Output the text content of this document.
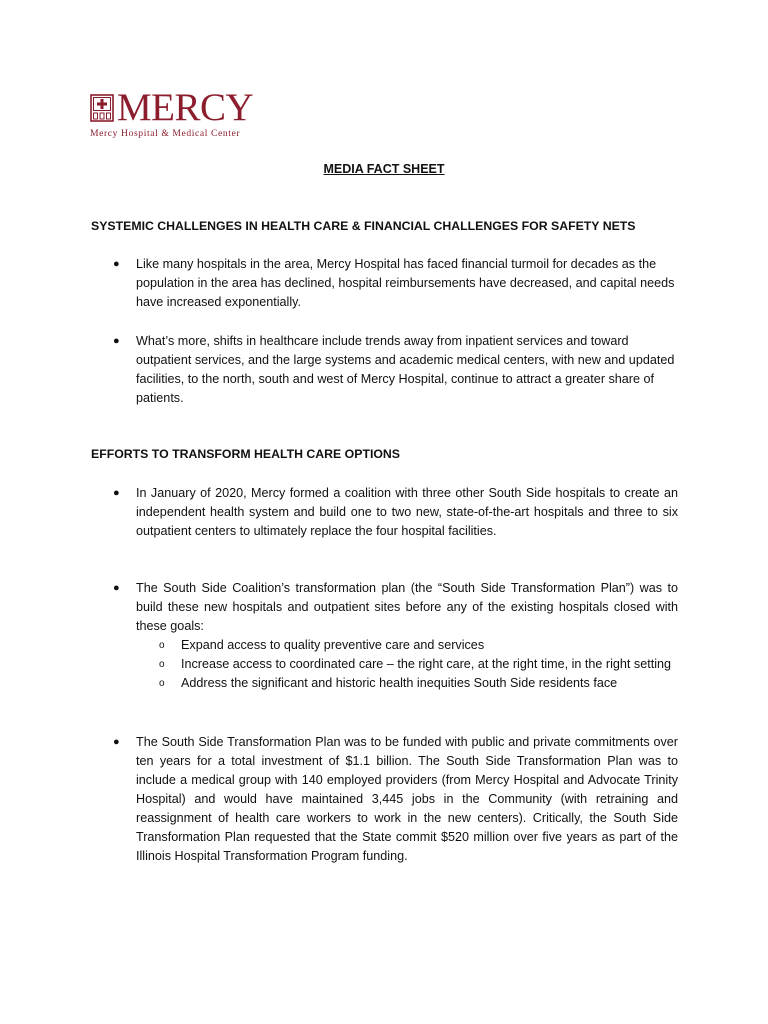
MERCY
Mercy Hospital & Medical Center
MEDIA FACT SHEET
SYSTEMIC CHALLENGES IN HEALTH CARE & FINANCIAL CHALLENGES FOR SAFETY NETS
●	Like many hospitals in the area, Mercy Hospital has faced financial turmoil for decades as the population in the area has declined, hospital reimbursements have decreased, and capital needs have increased exponentially.
●	What’s more, shifts in healthcare include trends away from inpatient services and toward outpatient services, and the large systems and academic medical centers, with new and updated facilities, to the north, south and west of Mercy Hospital, continue to attract a greater share of patients.
EFFORTS TO TRANSFORM HEALTH CARE OPTIONS
●	In January of 2020, Mercy formed a coalition with three other South Side hospitals to create an independent health system and build one to two new, state-of-the-art hospitals and three to six outpatient centers to ultimately replace the four hospital facilities.
●	The South Side Coalition’s transformation plan (the “South Side Transformation Plan”) was to build these new hospitals and outpatient sites before any of the existing hospitals closed with these goals:
o Expand access to quality preventive care and services
o Increase access to coordinated care – the right care, at the right time, in the right setting
o Address the significant and historic health inequities South Side residents face
●	The South Side Transformation Plan was to be funded with public and private commitments over ten years for a total investment of $1.1 billion. The South Side Transformation Plan was to include a medical group with 140 employed providers (from Mercy Hospital and Advocate Trinity Hospital) and would have maintained 3,445 jobs in the Community (with retraining and reassignment of health care workers to work in the new centers). Critically, the South Side Transformation Plan requested that the State commit $520 million over five years as part of the Illinois Hospital Transformation Program funding.
